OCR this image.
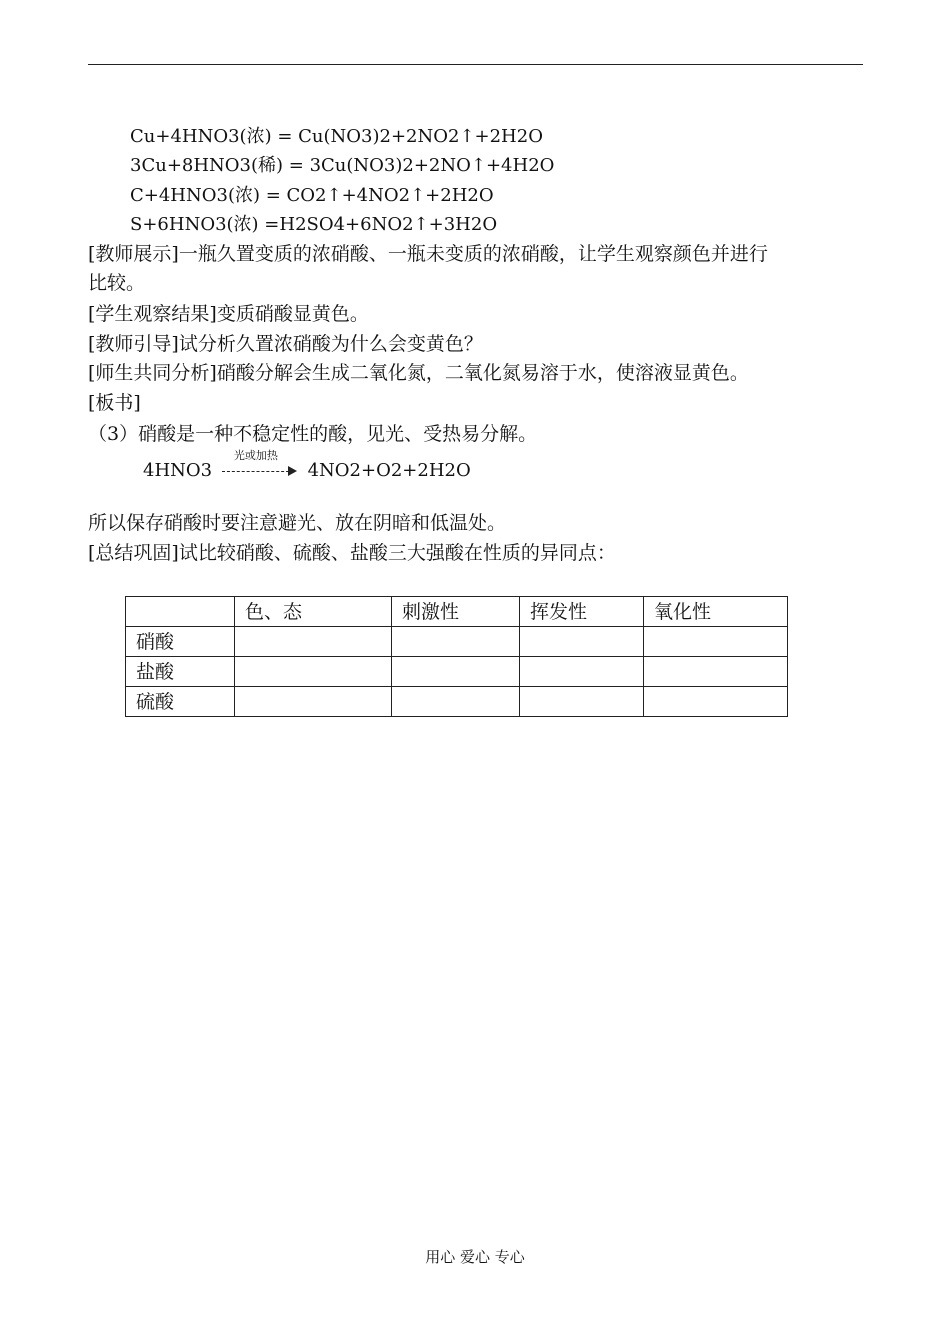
Cu+4HNO3(浓) = Cu(NO3)2+2NO2↑+2H2O
3Cu+8HNO3(稀) = 3Cu(NO3)2+2NO↑+4H2O
C+4HNO3(浓) = CO2↑+4NO2↑+2H2O
S+6HNO3(浓) =H2SO4+6NO2↑+3H2O
[教师展示]一瓶久置变质的浓硝酸、一瓶未变质的浓硝酸，让学生观察颜色并进行
比较。
[学生观察结果]变质硝酸显黄色。
[教师引导]试分析久置浓硝酸为什么会变黄色？
[师生共同分析]硝酸分解会生成二氧化氮，二氧化氮易溶于水，使溶液显黄色。
[板书]
（3）硝酸是一种不稳定性的酸，见光、受热易分解。
4HNO3
光或加热
4NO2+O2+2H2O
所以保存硝酸时要注意避光、放在阴暗和低温处。
[总结巩固]试比较硝酸、硫酸、盐酸三大强酸在性质的异同点：
	色、态	刺激性	挥发性	氧化性
硝酸				
盐酸				
硫酸				
用心 爱心 专心
